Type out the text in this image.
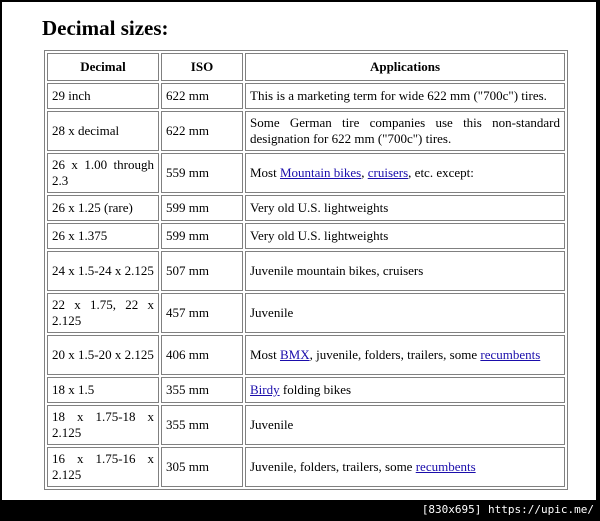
Decimal sizes:
Decimal	ISO	Applications
29 inch	622 mm	This is a marketing term for wide 622 mm ("700c") tires.
28 x decimal	622 mm	Some German tire companies use this non-standard designation for 622 mm ("700c") tires.
26 x 1.00 through 2.3	559 mm	Most Mountain bikes, cruisers, etc. except:
26 x 1.25 (rare)	599 mm	Very old U.S. lightweights
26 x 1.375	599 mm	Very old U.S. lightweights
24 x 1.5-24 x 2.125	507 mm	Juvenile mountain bikes, cruisers
22 x 1.75, 22 x 2.125	457 mm	Juvenile
20 x 1.5-20 x 2.125	406 mm	Most BMX, juvenile, folders, trailers, some recumbents
18 x 1.5	355 mm	Birdy folding bikes
18 x 1.75-18 x 2.125	355 mm	Juvenile
16 x 1.75-16 x 2.125	305 mm	Juvenile, folders, trailers, some recumbents
[830x695] https://upic.me/
